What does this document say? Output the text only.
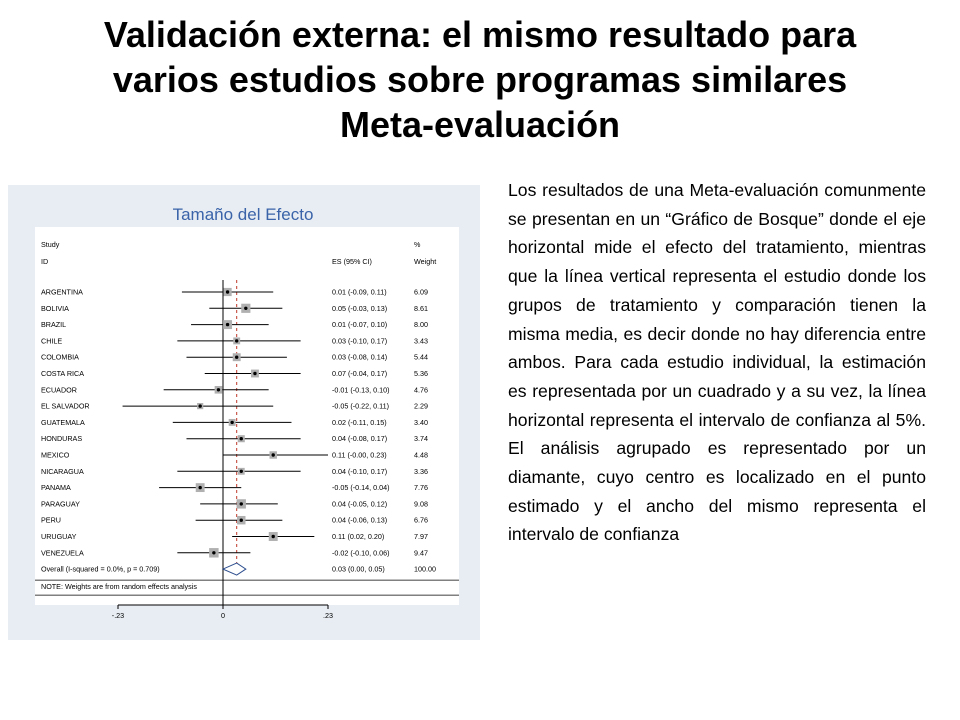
Validación externa: el mismo resultado para
varios estudios sobre programas similares
Meta-evaluación
Tamaño del Efecto
Study
ID	ES (95% CI)
%
Weight
ARGENTINA	0.01 (-0.09, 0.11)	6.09
BOLIVIA	0.05 (-0.03, 0.13)	8.61
BRAZIL	0.01 (-0.07, 0.10)	8.00
CHILE	0.03 (-0.10, 0.17)	3.43
COLOMBIA	0.03 (-0.08, 0.14)	5.44
COSTA RICA	0.07 (-0.04, 0.17)	5.36
ECUADOR	-0.01 (-0.13, 0.10)	4.76
EL SALVADOR	-0.05 (-0.22, 0.11)	2.29
GUATEMALA	0.02 (-0.11, 0.15)	3.40
HONDURAS	0.04 (-0.08, 0.17)	3.74
MEXICO	0.11 (-0.00, 0.23)	4.48
NICARAGUA	0.04 (-0.10, 0.17)	3.36
PANAMA	-0.05 (-0.14, 0.04)	7.76
PARAGUAY	0.04 (-0.05, 0.12)	9.08
PERU	0.04 (-0.06, 0.13)	6.76
URUGUAY	0.11 (0.02, 0.20)	7.97
VENEZUELA	-0.02 (-0.10, 0.06)	9.47
Overall (I-squared = 0.0%, p = 0.709)	0.03 (0.00, 0.05)	100.00
NOTE: Weights are from random effects analysis
-.23	0	.23

Los resultados de una Meta-evaluación comunmente se presentan en un “Gráfico de Bosque” donde el eje horizontal mide el efecto del tratamiento, mientras que la línea vertical representa el estudio donde los grupos de tratamiento y comparación tienen la misma media, es decir donde no hay diferencia entre ambos. Para cada estudio individual, la estimación es representada por un cuadrado y a su vez, la línea horizontal representa el intervalo de confianza al 5%. El análisis agrupado es representado por un diamante, cuyo centro es localizado en el punto estimado y el ancho del mismo representa el intervalo de confianza
